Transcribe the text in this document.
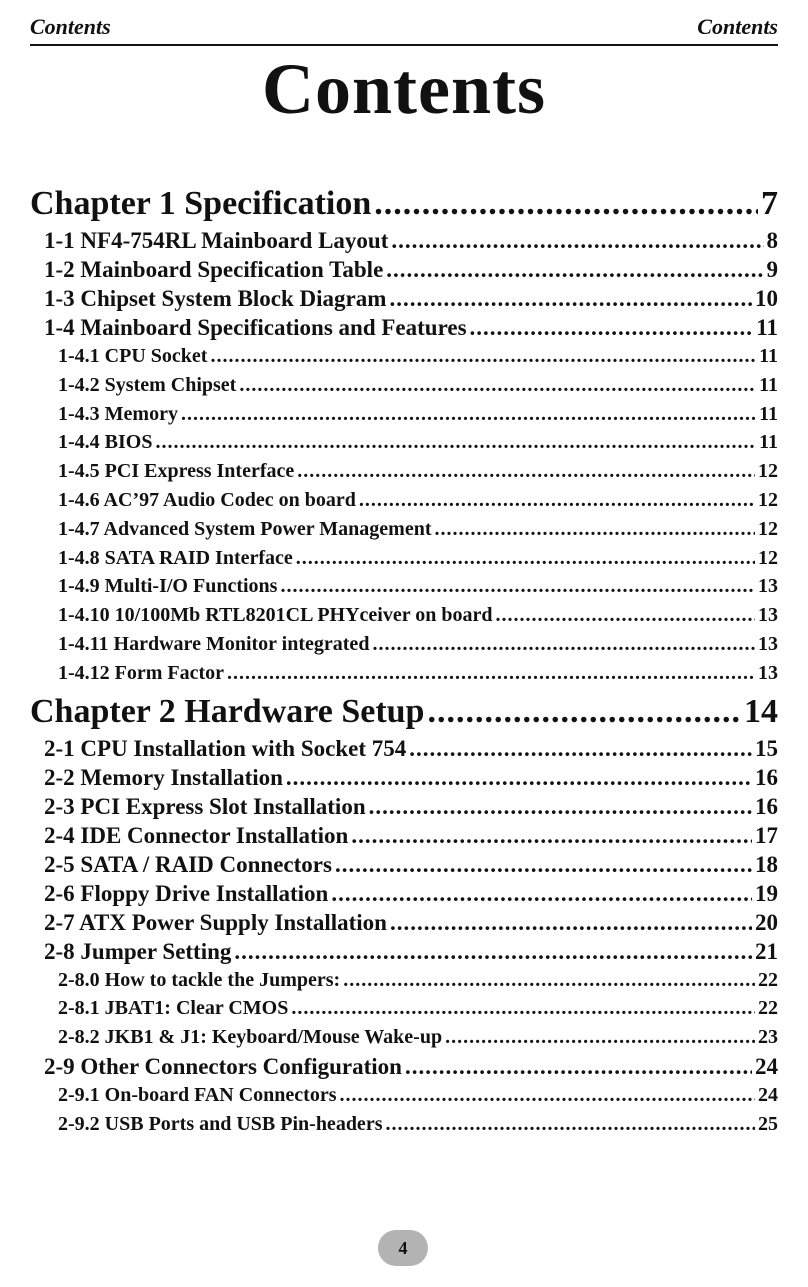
Contents	Contents
Contents
Chapter 1 Specification .....	7
1-1 NF4-754RL Mainboard Layout .....	8
1-2 Mainboard Specification Table .....	9
1-3 Chipset System Block Diagram .....	10
1-4 Mainboard Specifications and Features .....	11
1-4.1 CPU Socket .....	11
1-4.2 System Chipset .....	11
1-4.3 Memory .....	11
1-4.4 BIOS .....	11
1-4.5 PCI Express Interface .....	12
1-4.6 AC’97 Audio Codec on board .....	12
1-4.7 Advanced System Power Management .....	12
1-4.8 SATA RAID Interface .....	12
1-4.9 Multi-I/O Functions .....	13
1-4.10 10/100Mb RTL8201CL PHYceiver on board .....	13
1-4.11 Hardware Monitor integrated .....	13
1-4.12 Form Factor .....	13
Chapter 2 Hardware Setup .....	14
2-1 CPU Installation with Socket 754 .....	15
2-2 Memory Installation .....	16
2-3 PCI Express Slot Installation .....	16
2-4 IDE Connector Installation .....	17
2-5 SATA / RAID Connectors .....	18
2-6 Floppy Drive Installation .....	19
2-7 ATX Power Supply Installation .....	20
2-8 Jumper Setting .....	21
2-8.0 How to tackle the Jumpers: .....	22
2-8.1 JBAT1: Clear CMOS .....	22
2-8.2 JKB1 & J1: Keyboard/Mouse Wake-up .....	23
2-9 Other Connectors Configuration .....	24
2-9.1 On-board FAN Connectors .....	24
2-9.2 USB Ports and USB Pin-headers .....	25
4
